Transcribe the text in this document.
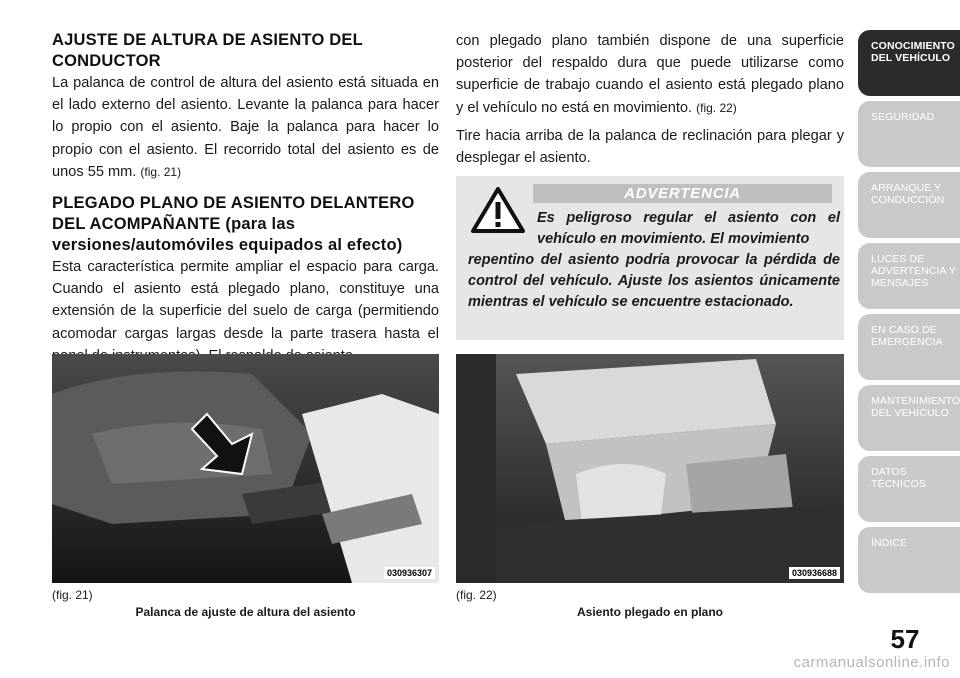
AJUSTE DE ALTURA DE ASIENTO DEL CONDUCTOR

La palanca de control de altura del asiento está situada en el lado externo del asiento. Levante la palanca para hacer lo propio con el asiento. Baje la palanca para hacer lo propio con el asiento. El recorrido total del asiento es de unos 55 mm. (fig. 21)

PLEGADO PLANO DE ASIENTO DELANTERO DEL ACOMPAÑANTE (para las versiones/automóviles equipados al efecto)

Esta característica permite ampliar el espacio para carga. Cuando el asiento está plegado plano, constituye una extensión de la superficie del suelo de carga (permitiendo acomodar cargas largas desde la parte trasera hasta el

con plegado plano también dispone de una superficie posterior del respaldo dura que puede utilizarse como superficie de trabajo cuando el asiento está plegado plano y el vehículo no está en movimiento. (fig. 22)

Tire hacia arriba de la palanca de reclinación para plegar y desplegar el asiento.

ADVERTENCIA
Es peligroso regular el asiento con el vehículo en movimiento. El movimiento
repentino del asiento podría provocar la pérdida de control del vehículo. Ajuste los asientos únicamente mientras el vehículo se encuentre estacionado.
030936307	030936688
(fig. 21)
Palanca de ajuste de altura del asiento
(fig. 22)
Asiento plegado en plano
CONOCIMIENTO
DEL VEHÍCULO
SEGURIDAD
ARRANQUE Y
CONDUCCIÓN
LUCES DE
ADVERTENCIA Y
MENSAJES
EN CASO DE
EMERGENCIA
MANTENIMIENTO
DEL VEHÍCULO
DATOS
TÉCNICOS
ÍNDICE
57
carmanualsonline.info
